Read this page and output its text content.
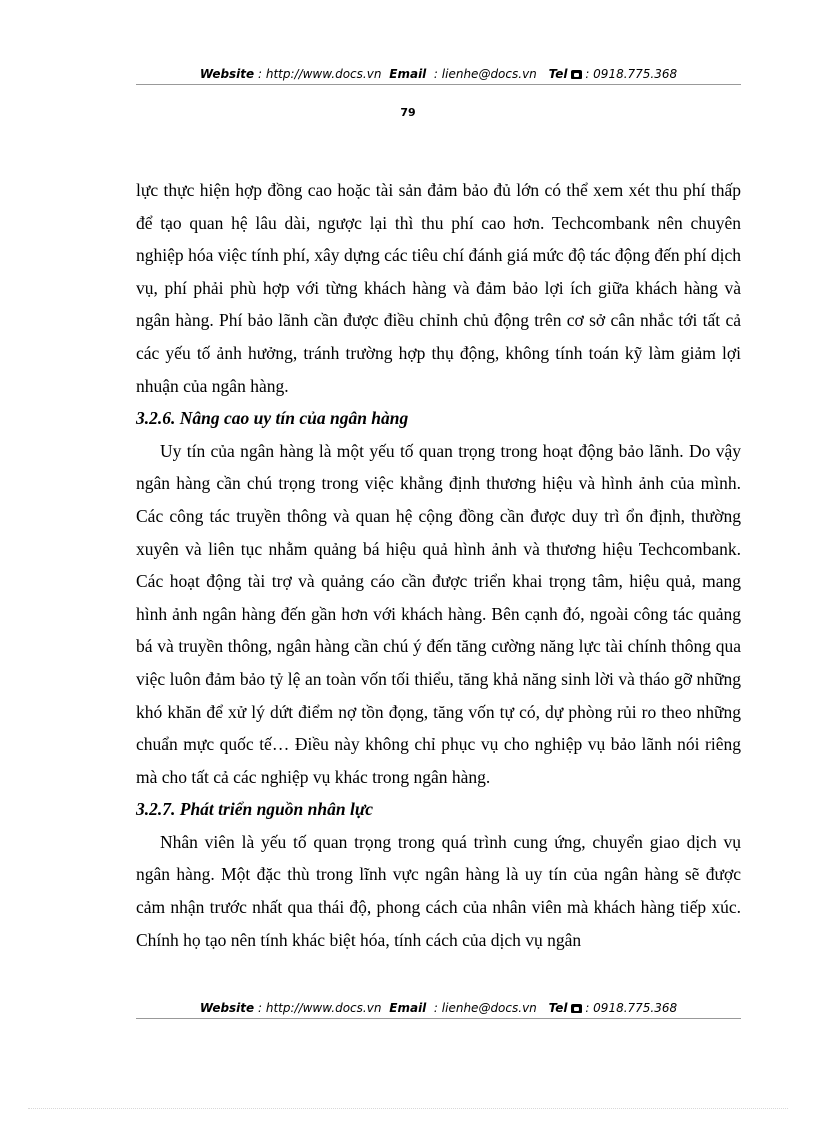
Website : http://www.docs.vn Email  : lienhe@docs.vn Tel : 0918.775.368
79

lực thực hiện hợp đồng cao hoặc tài sản đảm bảo đủ lớn có thể xem xét thu phí thấp để tạo quan hệ lâu dài, ngược lại thì thu phí cao hơn. Techcombank nên chuyên nghiệp hóa việc tính phí, xây dựng các tiêu chí đánh giá mức độ tác động đến phí dịch vụ, phí phải phù hợp với từng khách hàng và đảm bảo lợi ích giữa khách hàng và ngân hàng. Phí bảo lãnh cần được điều chỉnh chủ động trên cơ sở cân nhắc tới tất cả các yếu tố ảnh hưởng, tránh trường hợp thụ động, không tính toán kỹ làm giảm lợi nhuận của ngân hàng.

3.2.6. Nâng cao uy tín của ngân hàng

Uy tín của ngân hàng là một yếu tố quan trọng trong hoạt động bảo lãnh. Do vậy ngân hàng cần chú trọng trong việc khẳng định thương hiệu và hình ảnh của mình. Các công tác truyền thông và quan hệ cộng đồng cần được duy trì ổn định, thường xuyên và liên tục nhằm quảng bá hiệu quả hình ảnh và thương hiệu Techcombank. Các hoạt động tài trợ và quảng cáo cần được triển khai trọng tâm, hiệu quả, mang hình ảnh ngân hàng đến gần hơn với khách hàng. Bên cạnh đó, ngoài công tác quảng bá và truyền thông, ngân hàng cần chú ý đến tăng cường năng lực tài chính thông qua việc luôn đảm bảo tỷ lệ an toàn vốn tối thiểu, tăng khả năng sinh lời và tháo gỡ những khó khăn để xử lý dứt điểm nợ tồn đọng, tăng vốn tự có, dự phòng rủi ro theo những chuẩn mực quốc tế… Điều này không chỉ phục vụ cho nghiệp vụ bảo lãnh nói riêng mà cho tất cả các nghiệp vụ khác trong ngân hàng.

3.2.7. Phát triển nguồn nhân lực

Nhân viên là yếu tố quan trọng trong quá trình cung ứng, chuyển giao dịch vụ ngân hàng. Một đặc thù trong lĩnh vực ngân hàng là uy tín của ngân hàng sẽ được cảm nhận trước nhất qua thái độ, phong cách của nhân viên mà khách hàng tiếp xúc. Chính họ tạo nên tính khác biệt hóa, tính cách của dịch vụ ngân

Website : http://www.docs.vn Email  : lienhe@docs.vn Tel : 0918.775.368
